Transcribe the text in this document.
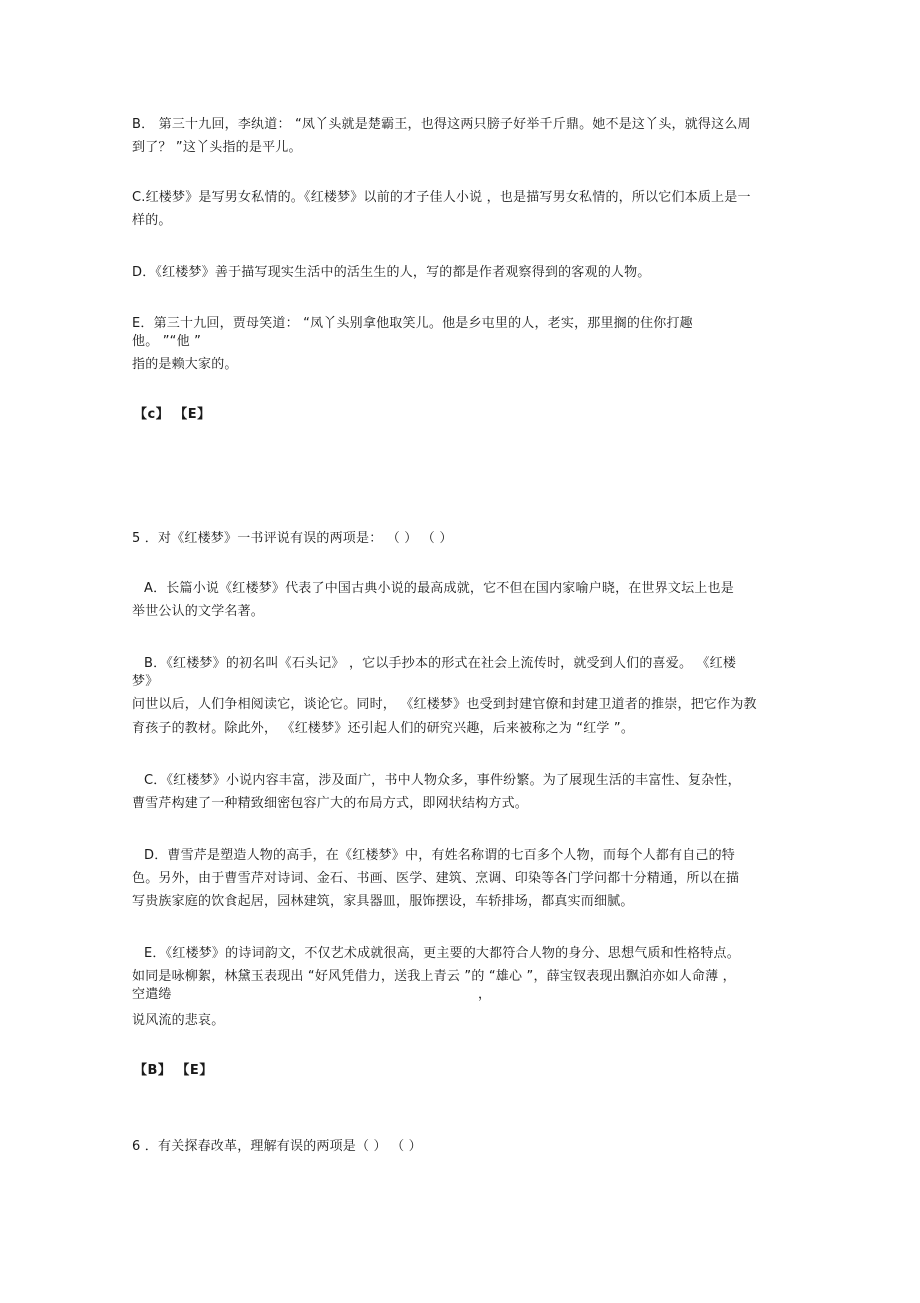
B． 第三十九回，李纨道： “凤丫头就是楚霸王，也得这两只膀子好举千斤鼎。她不是这丫头，就得这么周
到了？ ”这丫头指的是平儿。
C.红楼梦》是写男女私情的。《红楼梦》以前的才子佳人小说 ，也是描写男女私情的，所以它们本质上是一
样的。
D．《红楼梦》善于描写现实生活中的活生生的人，写的都是作者观察得到的客观的人物。
E．第三十九回，贾母笑道： “凤丫头别拿他取笑儿。他是乡屯里的人，老实，那里搁的住你打趣
他。 ”“他 ”
指的是赖大家的。
【c】 【E】
5 ．对《红楼梦》一书评说有误的两项是： （ ） （ ）
A．长篇小说《红楼梦》代表了中国古典小说的最高成就，它不但在国内家喻户晓，在世界文坛上也是
举世公认的文学名著。
B．《红楼梦》的初名叫《石头记》 ，它以手抄本的形式在社会上流传时，就受到人们的喜爱。 《红楼
梦》
问世以后，人们争相阅读它，谈论它。同时， 《红楼梦》也受到封建官僚和封建卫道者的推崇，把它作为教
育孩子的教材。除此外， 《红楼梦》还引起人们的研究兴趣，后来被称之为 “红学 ”。
C．《红楼梦》小说内容丰富，涉及面广，书中人物众多，事件纷繁。为了展现生活的丰富性、复杂性，
曹雪芹构建了一种精致细密包容广大的布局方式，即网状结构方式。
D．曹雪芹是塑造人物的高手，在《红楼梦》中，有姓名称谓的七百多个人物，而每个人都有自己的特
色。另外，由于曹雪芹对诗词、金石、书画、医学、建筑、烹调、印染等各门学问都十分精通，所以在描
写贵族家庭的饮食起居，园林建筑，家具器皿，服饰摆设，车轿排场，都真实而细腻。
E．《红楼梦》的诗词韵文，不仅艺术成就很高，更主要的大都符合人物的身分、思想气质和性格特点。
如同是咏柳絮，林黛玉表现出 “好风凭借力，送我上青云 ”的 “雄心 ”，薛宝钗表现出飘泊亦如人命薄 ，
空遣绻	，
说风流的悲哀。
【B】 【E】
6 ．有关探春改革，理解有误的两项是（ ） （ ）
